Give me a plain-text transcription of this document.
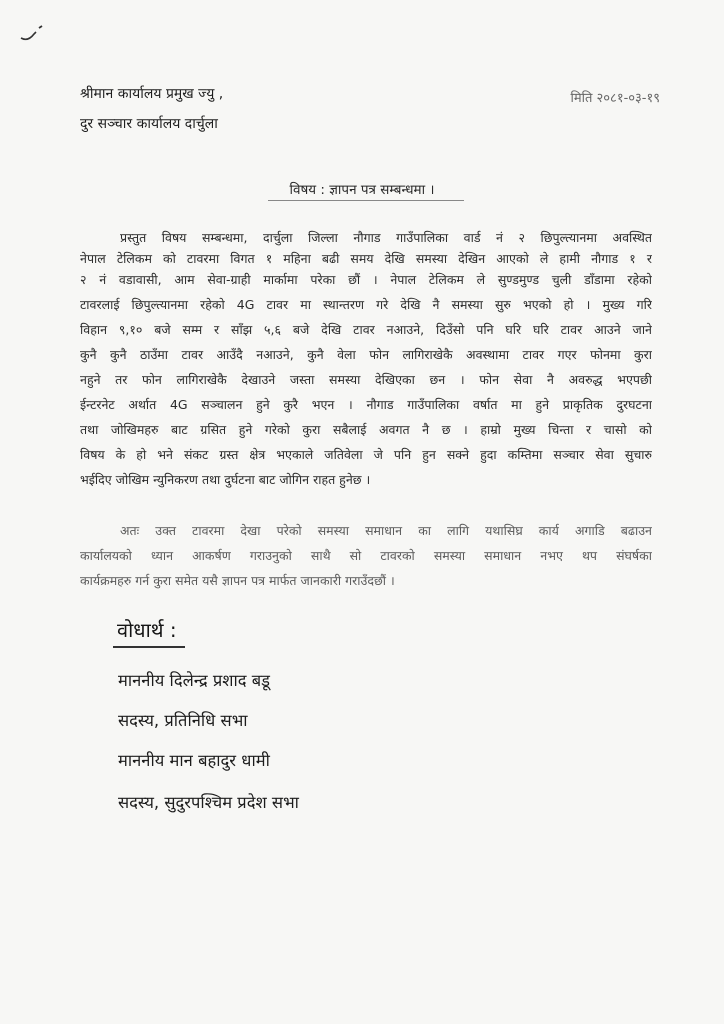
श्रीमान कार्यालय प्रमुख ज्यु ,
दुर सञ्चार कार्यालय दार्चुला
मिति २०८१-०३-१९
विषय : ज्ञापन पत्र सम्बन्धमा ।
प्रस्तुत विषय सम्बन्धमा, दार्चुला जिल्ला नौगाड गाउँपालिका वार्ड नं २ छिपुल्त्यानमा अवस्थित
नेपाल टेलिकम को टावरमा विगत १ महिना बढी समय देखि समस्या देखिन आएको ले हामी नौगाड १ र
२ नं वडावासी, आम सेवा-ग्राही मार्कामा परेका छौं । नेपाल टेलिकम ले सुण्डमुण्ड चुली डाँडामा रहेको
टावरलाई छिपुल्त्यानमा रहेको 4G टावर मा स्थान्तरण गरे देखि नै समस्या सुरु भएको हो । मुख्य गरि
विहान ९,१० बजे सम्म र साँझ ५,६ बजे देखि टावर नआउने, दिउँसो पनि घरि घरि टावर आउने जाने
कुनै कुनै ठाउँमा टावर आउँदै नआउने, कुनै वेला फोन लागिराखेकै अवस्थामा टावर गएर फोनमा कुरा
नहुने तर फोन लागिराखेकै देखाउने जस्ता समस्या देखिएका छन । फोन सेवा नै अवरुद्ध भएपछी
ईन्टरनेट अर्थात 4G सञ्चालन हुने कुरै भएन । नौगाड गाउँपालिका वर्षात मा हुने प्राकृतिक दुरघटना
तथा जोखिमहरु बाट ग्रसित हुने गरेको कुरा सबैलाई अवगत नै छ । हाम्रो मुख्य चिन्ता र चासो को
विषय के हो भने संकट ग्रस्त क्षेत्र भएकाले जतिवेला जे पनि हुन सक्ने हुदा कम्तिमा सञ्चार सेवा सुचारु
भईदिए जोखिम न्युनिकरण तथा दुर्घटना बाट जोगिन राहत हुनेछ ।
अतः उक्त टावरमा देखा परेको समस्या समाधान का लागि यथासिघ्र कार्य अगाडि बढाउन
कार्यालयको ध्यान आकर्षण गराउनुको साथै सो टावरको समस्या समाधान नभए थप संघर्षका
कार्यक्रमहरु गर्न कुरा समेत यसै ज्ञापन पत्र मार्फत जानकारी गराउँदछौं ।
वोधार्थ :
माननीय दिलेन्द्र प्रशाद बडू
सदस्य, प्रतिनिधि सभा
माननीय मान बहादुर धामी
सदस्य, सुदुरपश्चिम प्रदेश सभा
